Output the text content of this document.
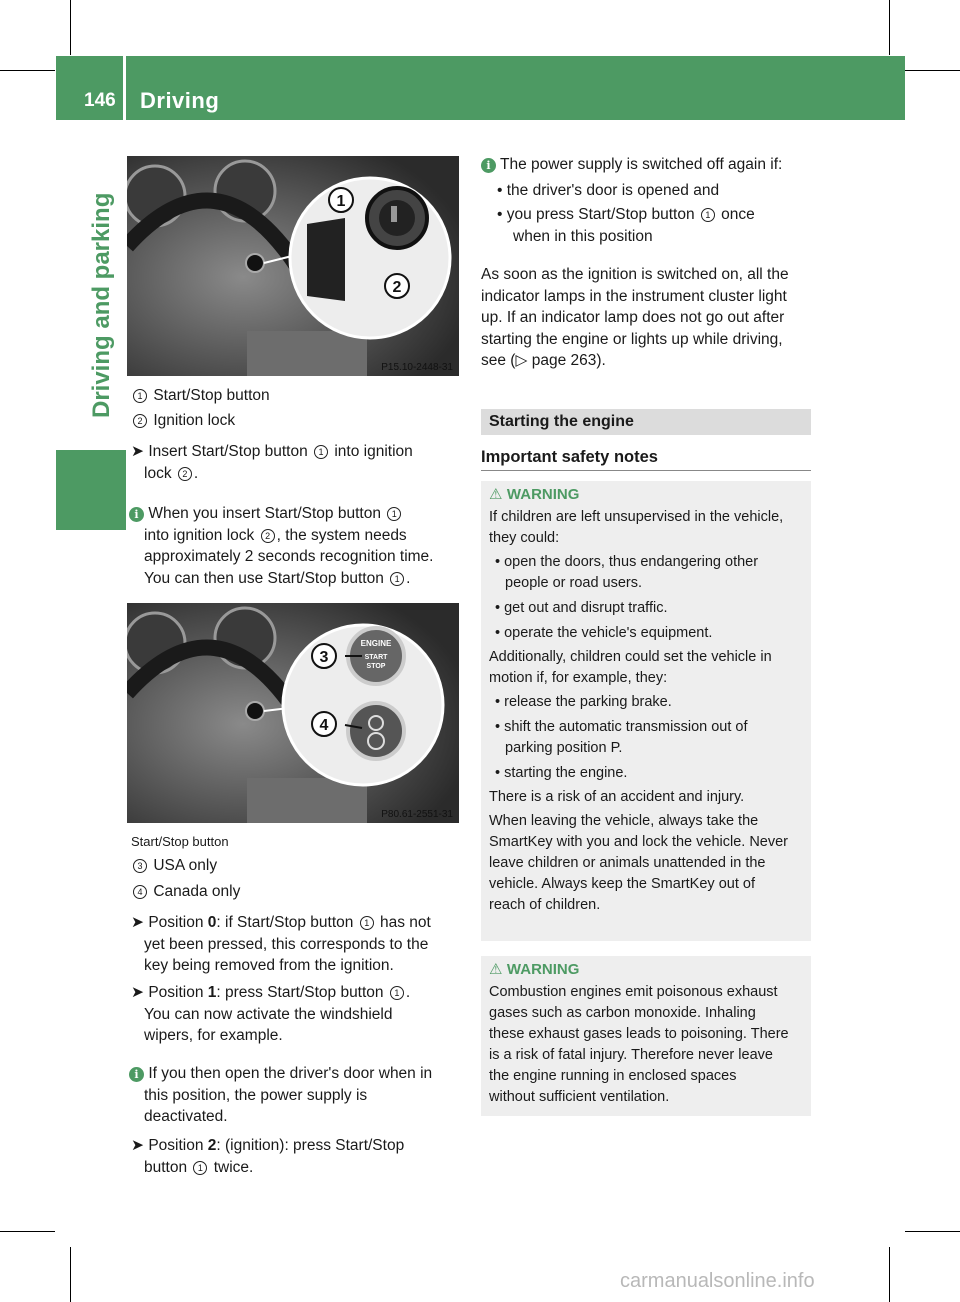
146 Driving
Driving and parking	1
2
P15.10-2448-31
ENGINE
START
STOP
3
4
P80.61-2551-31
1 Start/Stop button
2 Ignition lock
➤ Insert Start/Stop button 1 into ignition
lock 2 .
i When you insert Start/Stop button 1
into ignition lock 2 , the system needs
approximately 2 seconds recognition time.
You can then use Start/Stop button 1 .
Start/Stop button
3 USA only
4 Canada only
➤ Position 0: if Start/Stop button 1 has not
yet been pressed, this corresponds to the
key being removed from the ignition.
➤ Position 1: press Start/Stop button 1 .
You can now activate the windshield
wipers, for example.
i If you then open the driver's door when in
this position, the power supply is
deactivated.
➤ Position 2: (ignition): press Start/Stop
button 1 twice.
i The power supply is switched off again if:
• the driver's door is opened and
• you press Start/Stop button 1 once
when in this position
As soon as the ignition is switched on, all the
indicator lamps in the instrument cluster light
up. If an indicator lamp does not go out after
starting the engine or lights up while driving,
see (▷ page 263).
Starting the engine
Important safety notes
⚠ WARNING
If children are left unsupervised in the vehicle,
they could:
• open the doors, thus endangering other
people or road users.
• get out and disrupt traffic.
• operate the vehicle's equipment.
Additionally, children could set the vehicle in
motion if, for example, they:
• release the parking brake.
• shift the automatic transmission out of
parking position P.
• starting the engine.
There is a risk of an accident and injury.
When leaving the vehicle, always take the
SmartKey with you and lock the vehicle. Never
leave children or animals unattended in the
vehicle. Always keep the SmartKey out of
reach of children.
⚠ WARNING
Combustion engines emit poisonous exhaust
gases such as carbon monoxide. Inhaling
these exhaust gases leads to poisoning. There
is a risk of fatal injury. Therefore never leave
the engine running in enclosed spaces
without sufficient ventilation.
carmanualsonline.info
